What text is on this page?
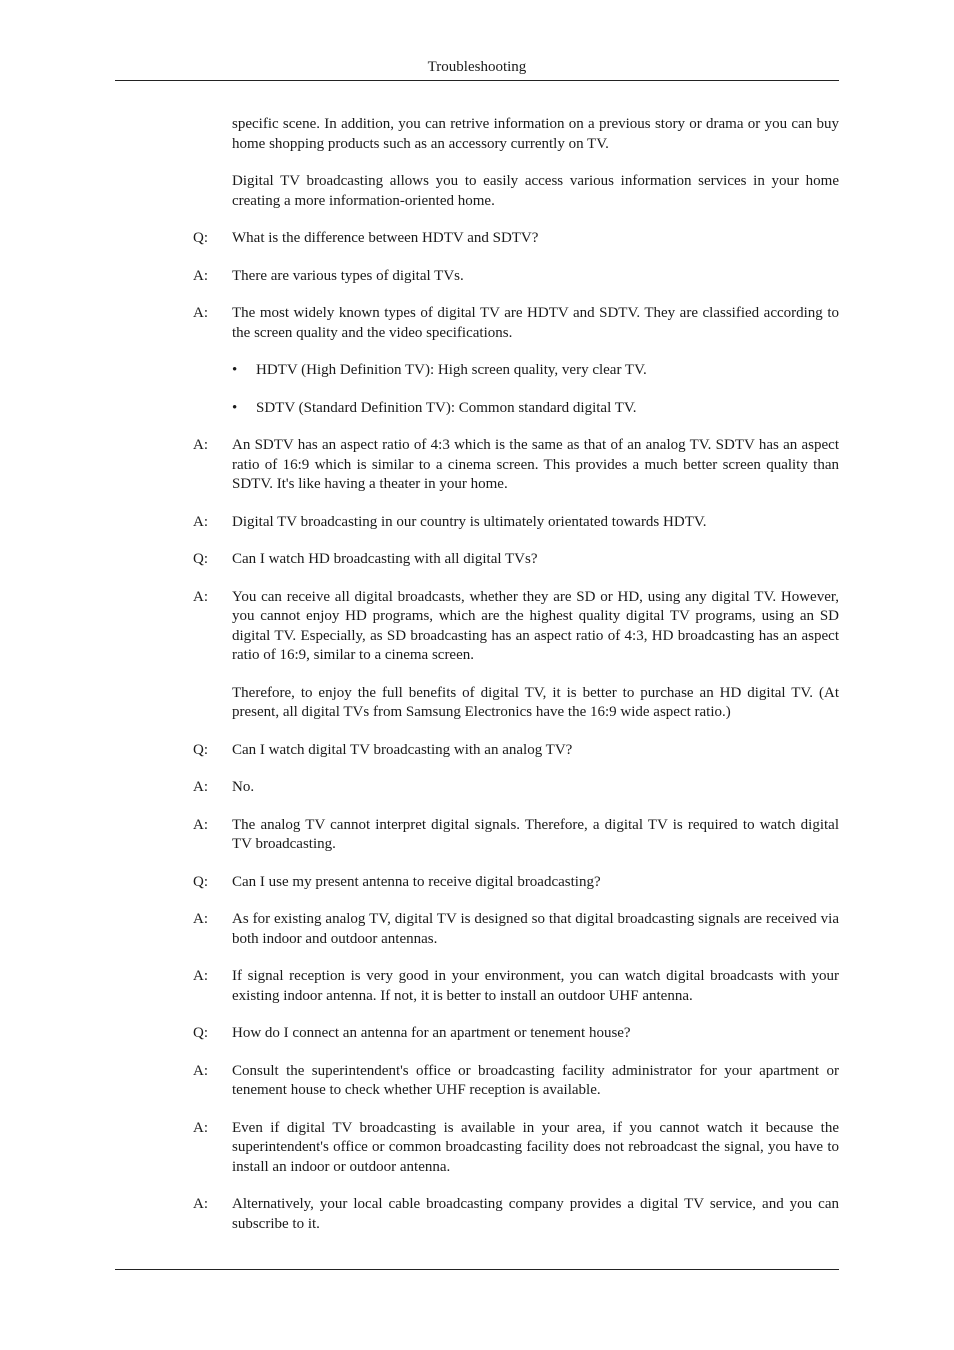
Troubleshooting
specific scene. In addition, you can retrive information on a previous story or drama or you can buy home shopping products such as an accessory currently on TV.
Digital TV broadcasting allows you to easily access various information services in your home creating a more information-oriented home.
Q: What is the difference between HDTV and SDTV?
A: There are various types of digital TVs.
A: The most widely known types of digital TV are HDTV and SDTV. They are classified according to the screen quality and the video specifications.
• HDTV (High Definition TV): High screen quality, very clear TV.
• SDTV (Standard Definition TV): Common standard digital TV.
A: An SDTV has an aspect ratio of 4:3 which is the same as that of an analog TV. SDTV has an aspect ratio of 16:9 which is similar to a cinema screen. This provides a much better screen quality than SDTV. It's like having a theater in your home.
A: Digital TV broadcasting in our country is ultimately orientated towards HDTV.
Q: Can I watch HD broadcasting with all digital TVs?
A: You can receive all digital broadcasts, whether they are SD or HD, using any digital TV. However, you cannot enjoy HD programs, which are the highest quality digital TV programs, using an SD digital TV. Especially, as SD broadcasting has an aspect ratio of 4:3, HD broadcasting has an aspect ratio of 16:9, similar to a cinema screen.
Therefore, to enjoy the full benefits of digital TV, it is better to purchase an HD digital TV. (At present, all digital TVs from Samsung Electronics have the 16:9 wide aspect ratio.)
Q: Can I watch digital TV broadcasting with an analog TV?
A: No.
A: The analog TV cannot interpret digital signals. Therefore, a digital TV is required to watch digital TV broadcasting.
Q: Can I use my present antenna to receive digital broadcasting?
A: As for existing analog TV, digital TV is designed so that digital broadcasting signals are received via both indoor and outdoor antennas.
A: If signal reception is very good in your environment, you can watch digital broadcasts with your existing indoor antenna. If not, it is better to install an outdoor UHF antenna.
Q: How do I connect an antenna for an apartment or tenement house?
A: Consult the superintendent's office or broadcasting facility administrator for your apartment or tenement house to check whether UHF reception is available.
A: Even if digital TV broadcasting is available in your area, if you cannot watch it because the superintendent's office or common broadcasting facility does not rebroadcast the signal, you have to install an indoor or outdoor antenna.
A: Alternatively, your local cable broadcasting company provides a digital TV service, and you can subscribe to it.
